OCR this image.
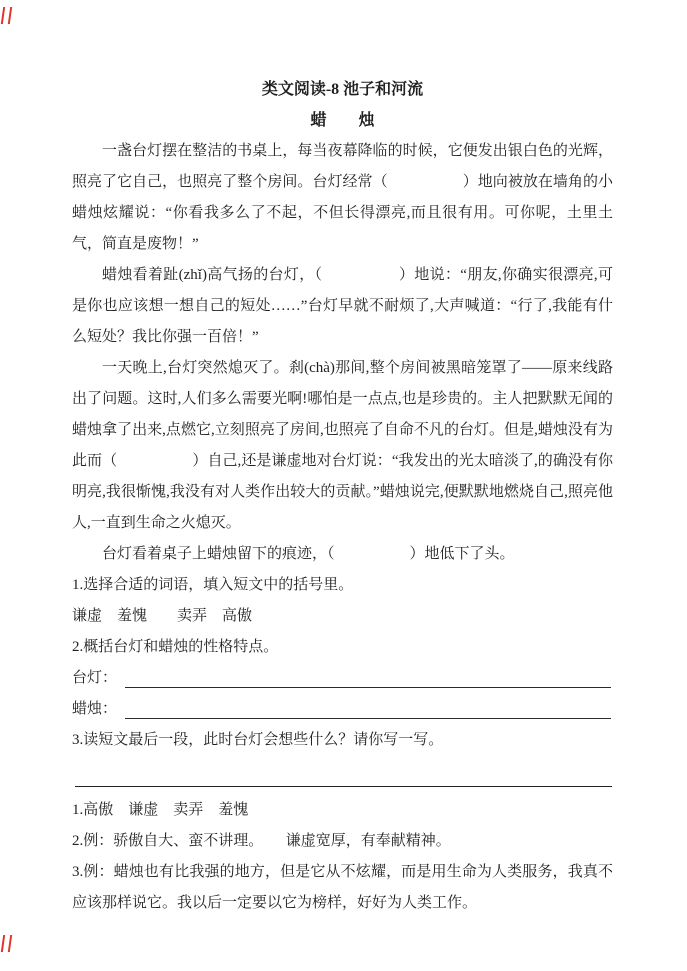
类文阅读-8 池子和河流
蜡　　烛

一盏台灯摆在整洁的书桌上，每当夜幕降临的时候，它便发出银白色的光辉，照亮了它自己，也照亮了整个房间。台灯经常（　　　　　）地向被放在墙角的小蜡烛炫耀说：“你看我多么了不起，不但长得漂亮,而且很有用。可你呢，土里土气，简直是废物！”

蜡烛看着趾(zhǐ)高气扬的台灯，（　　　　　）地说：“朋友,你确实很漂亮,可是你也应该想一想自己的短处……”台灯早就不耐烦了,大声喊道：“行了,我能有什么短处？我比你强一百倍！”

一天晚上,台灯突然熄灭了。刹(chà)那间,整个房间被黑暗笼罩了——原来线路出了问题。这时,人们多么需要光啊!哪怕是一点点,也是珍贵的。主人把默默无闻的蜡烛拿了出来,点燃它,立刻照亮了房间,也照亮了自命不凡的台灯。但是,蜡烛没有为此而（　　　　　）自己,还是谦虚地对台灯说：“我发出的光太暗淡了,的确没有你明亮,我很惭愧,我没有对人类作出较大的贡献。”蜡烛说完,便默默地燃烧自己,照亮他人,一直到生命之火熄灭。

台灯看着桌子上蜡烛留下的痕迹，（　　　　　）地低下了头。

1.选择合适的词语，填入短文中的括号里。

谦虚　羞愧　　卖弄　高傲

2.概括台灯和蜡烛的性格特点。

台灯：
蜡烛：

3.读短文最后一段，此时台灯会想些什么？请你写一写。

1.高傲　谦虚　卖弄　羞愧

2.例：骄傲自大、蛮不讲理。　　谦虚宽厚，有奉献精神。

3.例：蜡烛也有比我强的地方，但是它从不炫耀，而是用生命为人类服务，我真不应该那样说它。我以后一定要以它为榜样，好好为人类工作。
